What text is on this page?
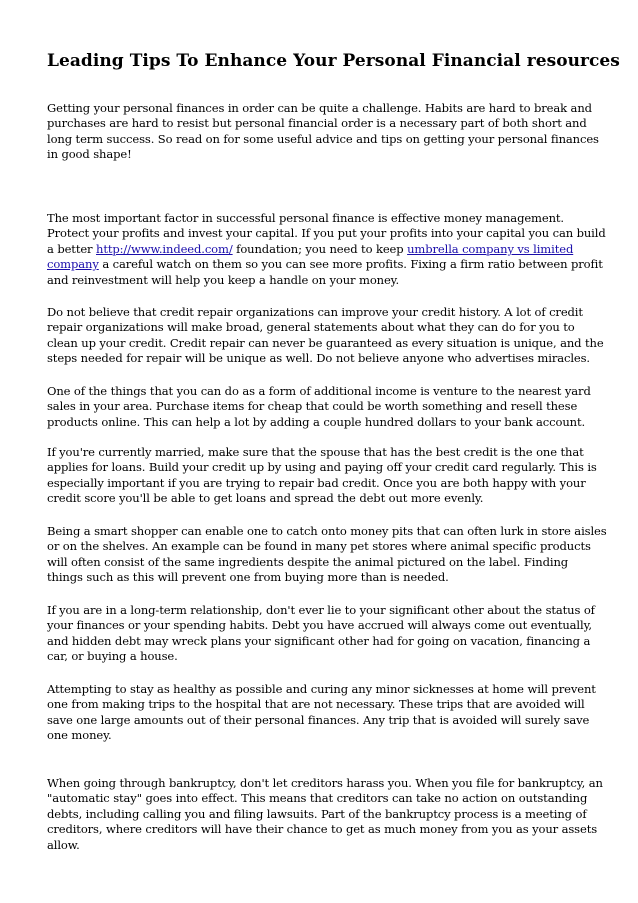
Leading Tips To Enhance Your Personal Financial resources

Getting your personal finances in order can be quite a challenge. Habits are hard to break and purchases are hard to resist but personal financial order is a necessary part of both short and long term success. So read on for some useful advice and tips on getting your personal finances in good shape!

The most important factor in successful personal finance is effective money management. Protect your profits and invest your capital. If you put your profits into your capital you can build a better http://www.indeed.com/ foundation; you need to keep umbrella company vs limited company a careful watch on them so you can see more profits. Fixing a firm ratio between profit and reinvestment will help you keep a handle on your money.

Do not believe that credit repair organizations can improve your credit history. A lot of credit repair organizations will make broad, general statements about what they can do for you to clean up your credit. Credit repair can never be guaranteed as every situation is unique, and the steps needed for repair will be unique as well. Do not believe anyone who advertises miracles.

One of the things that you can do as a form of additional income is venture to the nearest yard sales in your area. Purchase items for cheap that could be worth something and resell these products online. This can help a lot by adding a couple hundred dollars to your bank account.

If you're currently married, make sure that the spouse that has the best credit is the one that applies for loans. Build your credit up by using and paying off your credit card regularly. This is especially important if you are trying to repair bad credit. Once you are both happy with your credit score you'll be able to get loans and spread the debt out more evenly.

Being a smart shopper can enable one to catch onto money pits that can often lurk in store aisles or on the shelves. An example can be found in many pet stores where animal specific products will often consist of the same ingredients despite the animal pictured on the label. Finding things such as this will prevent one from buying more than is needed.

If you are in a long-term relationship, don't ever lie to your significant other about the status of your finances or your spending habits. Debt you have accrued will always come out eventually, and hidden debt may wreck plans your significant other had for going on vacation, financing a car, or buying a house.

Attempting to stay as healthy as possible and curing any minor sicknesses at home will prevent one from making trips to the hospital that are not necessary. These trips that are avoided will save one large amounts out of their personal finances. Any trip that is avoided will surely save one money.

When going through bankruptcy, don't let creditors harass you. When you file for bankruptcy, an "automatic stay" goes into effect. This means that creditors can take no action on outstanding debts, including calling you and filing lawsuits. Part of the bankruptcy process is a meeting of creditors, where creditors will have their chance to get as much money from you as your assets allow.
